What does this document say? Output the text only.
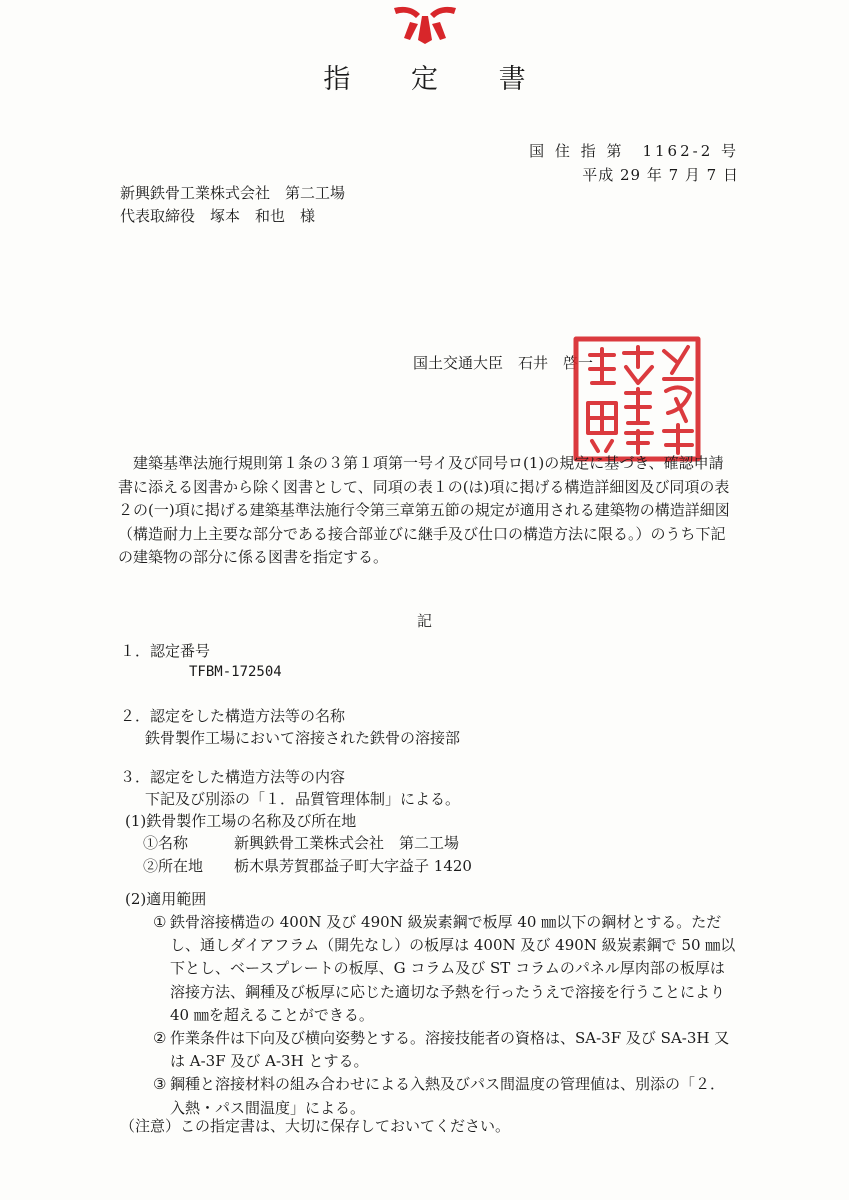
指 定 書
国 住 指 第　1162-2 号
平成 29 年 7 月 7 日
新興鉄骨工業株式会社　第二工場
代表取締役　塚本　和也　様
国土交通大臣　石井　啓一

建築基準法施行規則第１条の３第１項第一号イ及び同号ロ(1)の規定に基づき、確認申請書に添える図書から除く図書として、同項の表１の(は)項に掲げる構造詳細図及び同項の表２の(一)項に掲げる建築基準法施行令第三章第五節の規定が適用される建築物の構造詳細図（構造耐力上主要な部分である接合部並びに継手及び仕口の構造方法に限る。）のうち下記の建築物の部分に係る図書を指定する。

記
１．認定番号
TFBM-172504
２．認定をした構造方法等の名称
鉄骨製作工場において溶接された鉄骨の溶接部
３．認定をした構造方法等の内容
下記及び別添の「１．品質管理体制」による。
(1)鉄骨製作工場の名称及び所在地
①名称	新興鉄骨工業株式会社　第二工場
②所在地 栃木県芳賀郡益子町大字益子 1420
(2)適用範囲
① 鉄骨溶接構造の 400N 及び 490N 級炭素鋼で板厚 40 ㎜以下の鋼材とする。ただし、通しダイアフラム（開先なし）の板厚は 400N 及び 490N 級炭素鋼で 50 ㎜以下とし、ベースプレートの板厚、G コラム及び ST コラムのパネル厚肉部の板厚は溶接方法、鋼種及び板厚に応じた適切な予熱を行ったうえで溶接を行うことにより 40 ㎜を超えることができる。
② 作業条件は下向及び横向姿勢とする。溶接技能者の資格は、SA-3F 及び SA-3H 又は A-3F 及び A-3H とする。
③ 鋼種と溶接材料の組み合わせによる入熱及びパス間温度の管理値は、別添の「２．入熱・パス間温度」による。
（注意）この指定書は、大切に保存しておいてください。
